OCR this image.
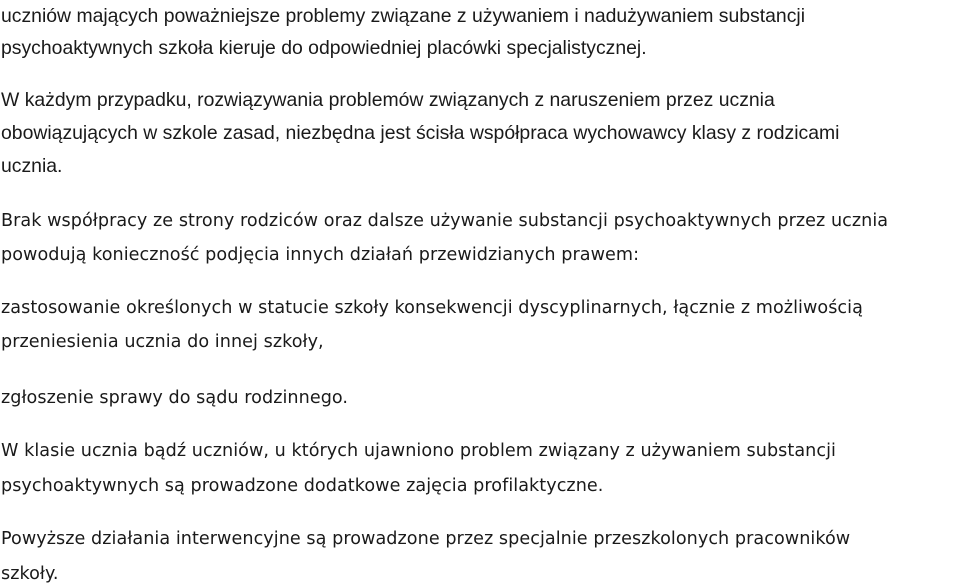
uczniów mających poważniejsze problemy związane z używaniem i nadużywaniem substancji
psychoaktywnych szkoła kieruje do odpowiedniej placówki specjalistycznej.
W każdym przypadku, rozwiązywania problemów związanych z naruszeniem przez ucznia
obowiązujących w szkole zasad, niezbędna jest ścisła współpraca wychowawcy klasy z rodzicami
ucznia.
Brak współpracy ze strony rodziców oraz dalsze używanie substancji psychoaktywnych przez ucznia
powodują konieczność podjęcia innych działań przewidzianych prawem:
zastosowanie określonych w statucie szkoły konsekwencji dyscyplinarnych, łącznie z możliwością
przeniesienia ucznia do innej szkoły,
zgłoszenie sprawy do sądu rodzinnego.
W klasie ucznia bądź uczniów, u których ujawniono problem związany z używaniem substancji
psychoaktywnych są prowadzone dodatkowe zajęcia profilaktyczne.
Powyższe działania interwencyjne są prowadzone przez specjalnie przeszkolonych pracowników
szkoły.
